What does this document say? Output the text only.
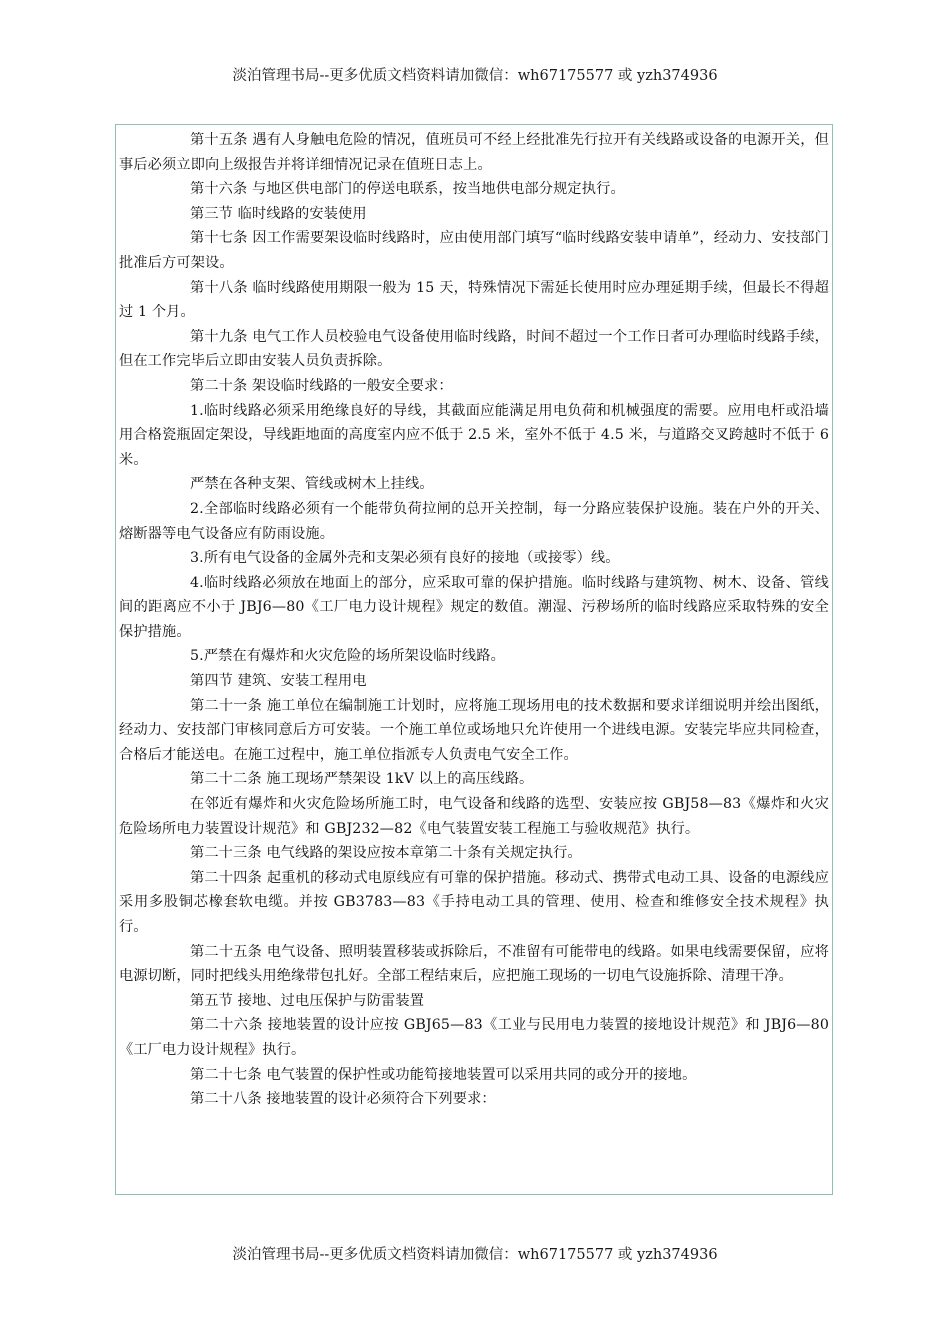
淡泊管理书局--更多优质文档资料请加微信：wh67175577 或 yzh374936

第十五条 遇有人身触电危险的情况，值班员可不经上经批准先行拉开有关线路或设备的电源开关，但事后必须立即向上级报告并将详细情况记录在值班日志上。

第十六条 与地区供电部门的停送电联系，按当地供电部分规定执行。

第三节 临时线路的安装使用

第十七条 因工作需要架设临时线路时，应由使用部门填写“临时线路安装申请单”，经动力、安技部门批准后方可架设。

第十八条 临时线路使用期限一般为 15 天，特殊情况下需延长使用时应办理延期手续，但最长不得超过 1 个月。

第十九条 电气工作人员校验电气设备使用临时线路，时间不超过一个工作日者可办理临时线路手续，但在工作完毕后立即由安装人员负责拆除。

第二十条 架设临时线路的一般安全要求：

1.临时线路必须采用绝缘良好的导线，其截面应能满足用电负荷和机械强度的需要。应用电杆或沿墙用合格瓷瓶固定架设，导线距地面的高度室内应不低于 2.5 米，室外不低于 4.5 米，与道路交叉跨越时不低于 6 米。

严禁在各种支架、管线或树木上挂线。

2.全部临时线路必须有一个能带负荷拉闸的总开关控制，每一分路应装保护设施。装在户外的开关、熔断器等电气设备应有防雨设施。

3.所有电气设备的金属外壳和支架必须有良好的接地（或接零）线。

4.临时线路必须放在地面上的部分，应采取可靠的保护措施。临时线路与建筑物、树木、设备、管线间的距离应不小于 JBJ6—80《工厂电力设计规程》规定的数值。潮湿、污秽场所的临时线路应采取特殊的安全保护措施。

5.严禁在有爆炸和火灾危险的场所架设临时线路。

第四节 建筑、安装工程用电

第二十一条 施工单位在编制施工计划时，应将施工现场用电的技术数据和要求详细说明并绘出图纸，经动力、安技部门审核同意后方可安装。一个施工单位或场地只允许使用一个进线电源。安装完毕应共同检查，合格后才能送电。在施工过程中，施工单位指派专人负责电气安全工作。

第二十二条 施工现场严禁架设 1kV 以上的高压线路。

在邻近有爆炸和火灾危险场所施工时，电气设备和线路的选型、安装应按 GBJ58—83《爆炸和火灾危险场所电力装置设计规范》和 GBJ232—82《电气装置安装工程施工与验收规范》执行。

第二十三条 电气线路的架设应按本章第二十条有关规定执行。

第二十四条 起重机的移动式电原线应有可靠的保护措施。移动式、携带式电动工具、设备的电源线应采用多股铜芯橡套软电缆。并按 GB3783—83《手持电动工具的管理、使用、检查和维修安全技术规程》执行。

第二十五条 电气设备、照明装置移装或拆除后，不准留有可能带电的线路。如果电线需要保留，应将电源切断，同时把线头用绝缘带包扎好。全部工程结束后，应把施工现场的一切电气设施拆除、清理干净。

第五节 接地、过电压保护与防雷装置

第二十六条 接地装置的设计应按 GBJ65—83《工业与民用电力装置的接地设计规范》和 JBJ6—80《工厂电力设计规程》执行。

第二十七条 电气装置的保护性或功能笱接地装置可以采用共同的或分开的接地。

第二十八条 接地装置的设计必须符合下列要求：

淡泊管理书局--更多优质文档资料请加微信：wh67175577 或 yzh374936
